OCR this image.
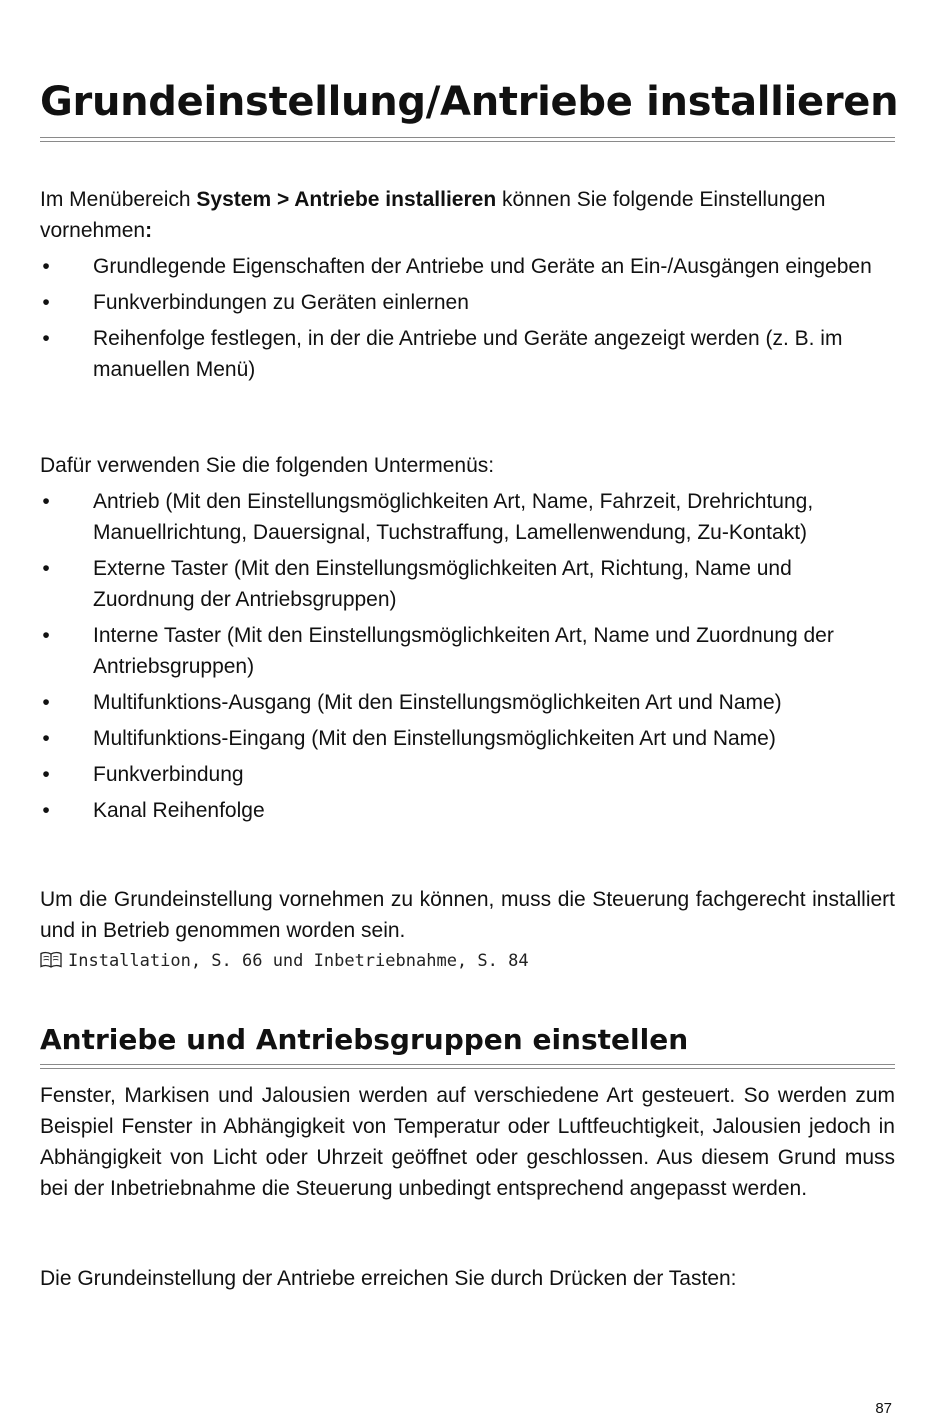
Grundeinstellung/Antriebe installieren

Im Menübereich System > Antriebe installieren können Sie folgende Einstellungen vornehmen:

• Grundlegende Eigenschaften der Antriebe und Geräte an Ein-/Ausgängen eingeben
• Funkverbindungen zu Geräten einlernen
• Reihenfolge festlegen, in der die Antriebe und Geräte angezeigt werden (z. B. im manuellen Menü)

Dafür verwenden Sie die folgenden Untermenüs:

• Antrieb (Mit den Einstellungsmöglichkeiten Art, Name, Fahrzeit, Drehrichtung, Manuellrichtung, Dauersignal, Tuchstraffung, Lamellenwendung, Zu-Kontakt)
• Externe Taster (Mit den Einstellungsmöglichkeiten Art, Richtung, Name und Zuordnung der Antriebsgruppen)
• Interne Taster (Mit den Einstellungsmöglichkeiten Art, Name und Zuordnung der Antriebsgruppen)
• Multifunktions-Ausgang (Mit den Einstellungsmöglichkeiten Art und Name)
• Multifunktions-Eingang (Mit den Einstellungsmöglichkeiten Art und Name)
• Funkverbindung
• Kanal Reihenfolge

Um die Grundeinstellung vornehmen zu können, muss die Steuerung fachgerecht installiert und in Betrieb genommen worden sein.

Installation, S. 66 und Inbetriebnahme, S. 84
Antriebe und Antriebsgruppen einstellen

Fenster, Markisen und Jalousien werden auf verschiedene Art gesteuert. So werden zum Beispiel Fenster in Abhängigkeit von Temperatur oder Luftfeuchtigkeit, Jalousien jedoch in Abhängigkeit von Licht oder Uhrzeit geöffnet oder geschlossen. Aus diesem Grund muss bei der Inbetriebnahme die Steuerung unbedingt entsprechend angepasst werden.

Die Grundeinstellung der Antriebe erreichen Sie durch Drücken der Tasten:

87
